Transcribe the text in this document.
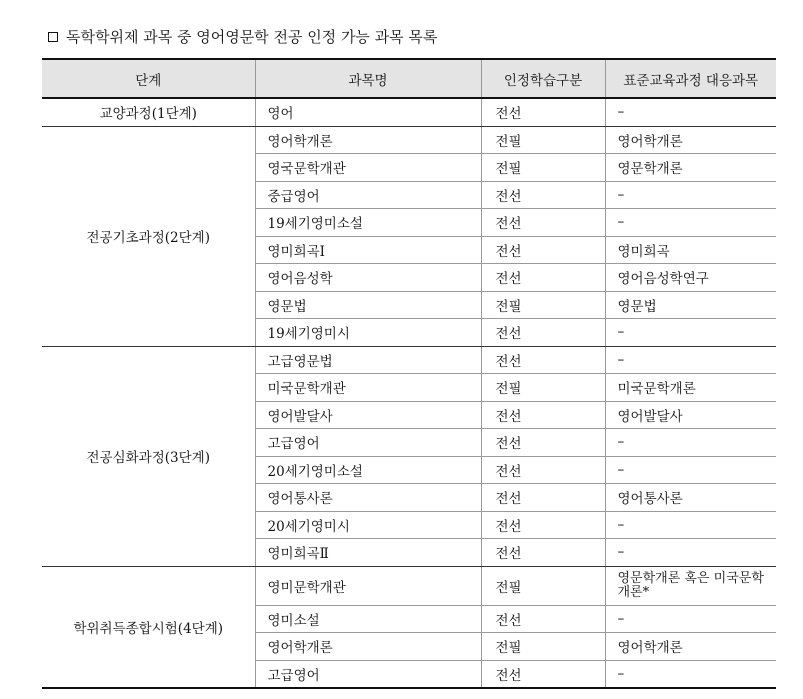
독학학위제 과목 중 영어영문학 전공 인정 가능 과목 목록
단계	과목명	인정학습구분	표준교육과정 대응과목
교양과정(1단계)	영어	전선	–
전공기초과정(2단계)	영어학개론	전필	영어학개론
	영국문학개관	전필	영문학개론
	중급영어	전선	–
	19세기영미소설	전선	–
	영미희곡Ⅰ	전선	영미희곡
	영어음성학	전선	영어음성학연구
	영문법	전필	영문법
	19세기영미시	전선	–
전공심화과정(3단계)	고급영문법	전선	–
	미국문학개관	전필	미국문학개론
	영어발달사	전선	영어발달사
	고급영어	전선	–
	20세기영미소설	전선	–
	영어통사론	전선	영어통사론
	20세기영미시	전선	–
	영미희곡Ⅱ	전선	–
학위취득종합시험(4단계)	영미문학개관	전필	영문학개론 혹은 미국문학개론*
	영미소설	전선	–
	영어학개론	전필	영어학개론
	고급영어	전선	–
